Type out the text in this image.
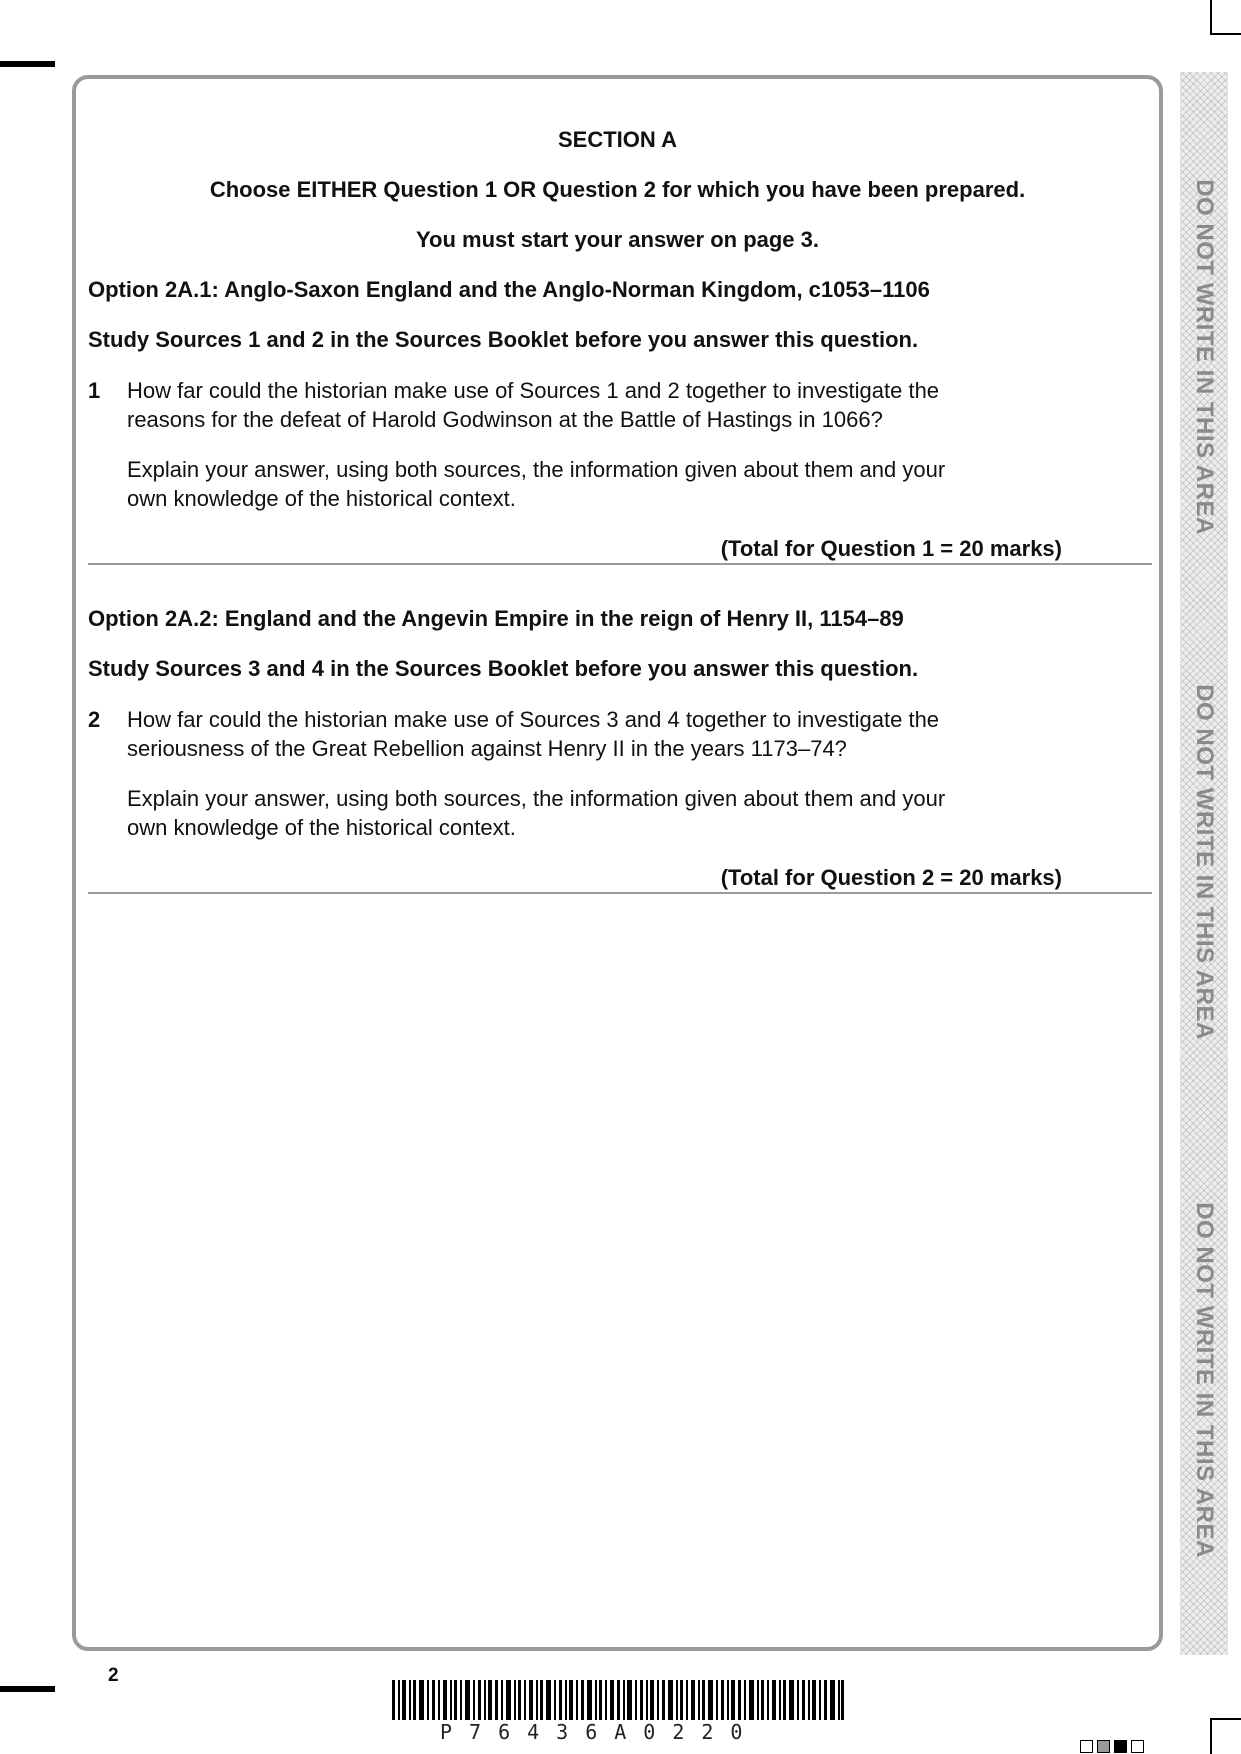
SECTION A
Choose EITHER Question 1 OR Question 2 for which you have been prepared.
You must start your answer on page 3.
Option 2A.1: Anglo-Saxon England and the Anglo-Norman Kingdom, c1053–1106
Study Sources 1 and 2 in the Sources Booklet before you answer this question.
1 How far could the historian make use of Sources 1 and 2 together to investigate the
reasons for the defeat of Harold Godwinson at the Battle of Hastings in 1066?
Explain your answer, using both sources, the information given about them and your
own knowledge of the historical context.
(Total for Question 1 = 20 marks)
Option 2A.2: England and the Angevin Empire in the reign of Henry II, 1154–89
Study Sources 3 and 4 in the Sources Booklet before you answer this question.
2 How far could the historian make use of Sources 3 and 4 together to investigate the
seriousness of the Great Rebellion against Henry II in the years 1173–74?
Explain your answer, using both sources, the information given about them and your
own knowledge of the historical context.
(Total for Question 2 = 20 marks)
DO NOT WRITE IN THIS AREA
DO NOT WRITE IN THIS AREA
DO NOT WRITE IN THIS AREA
2
P76436A0220
